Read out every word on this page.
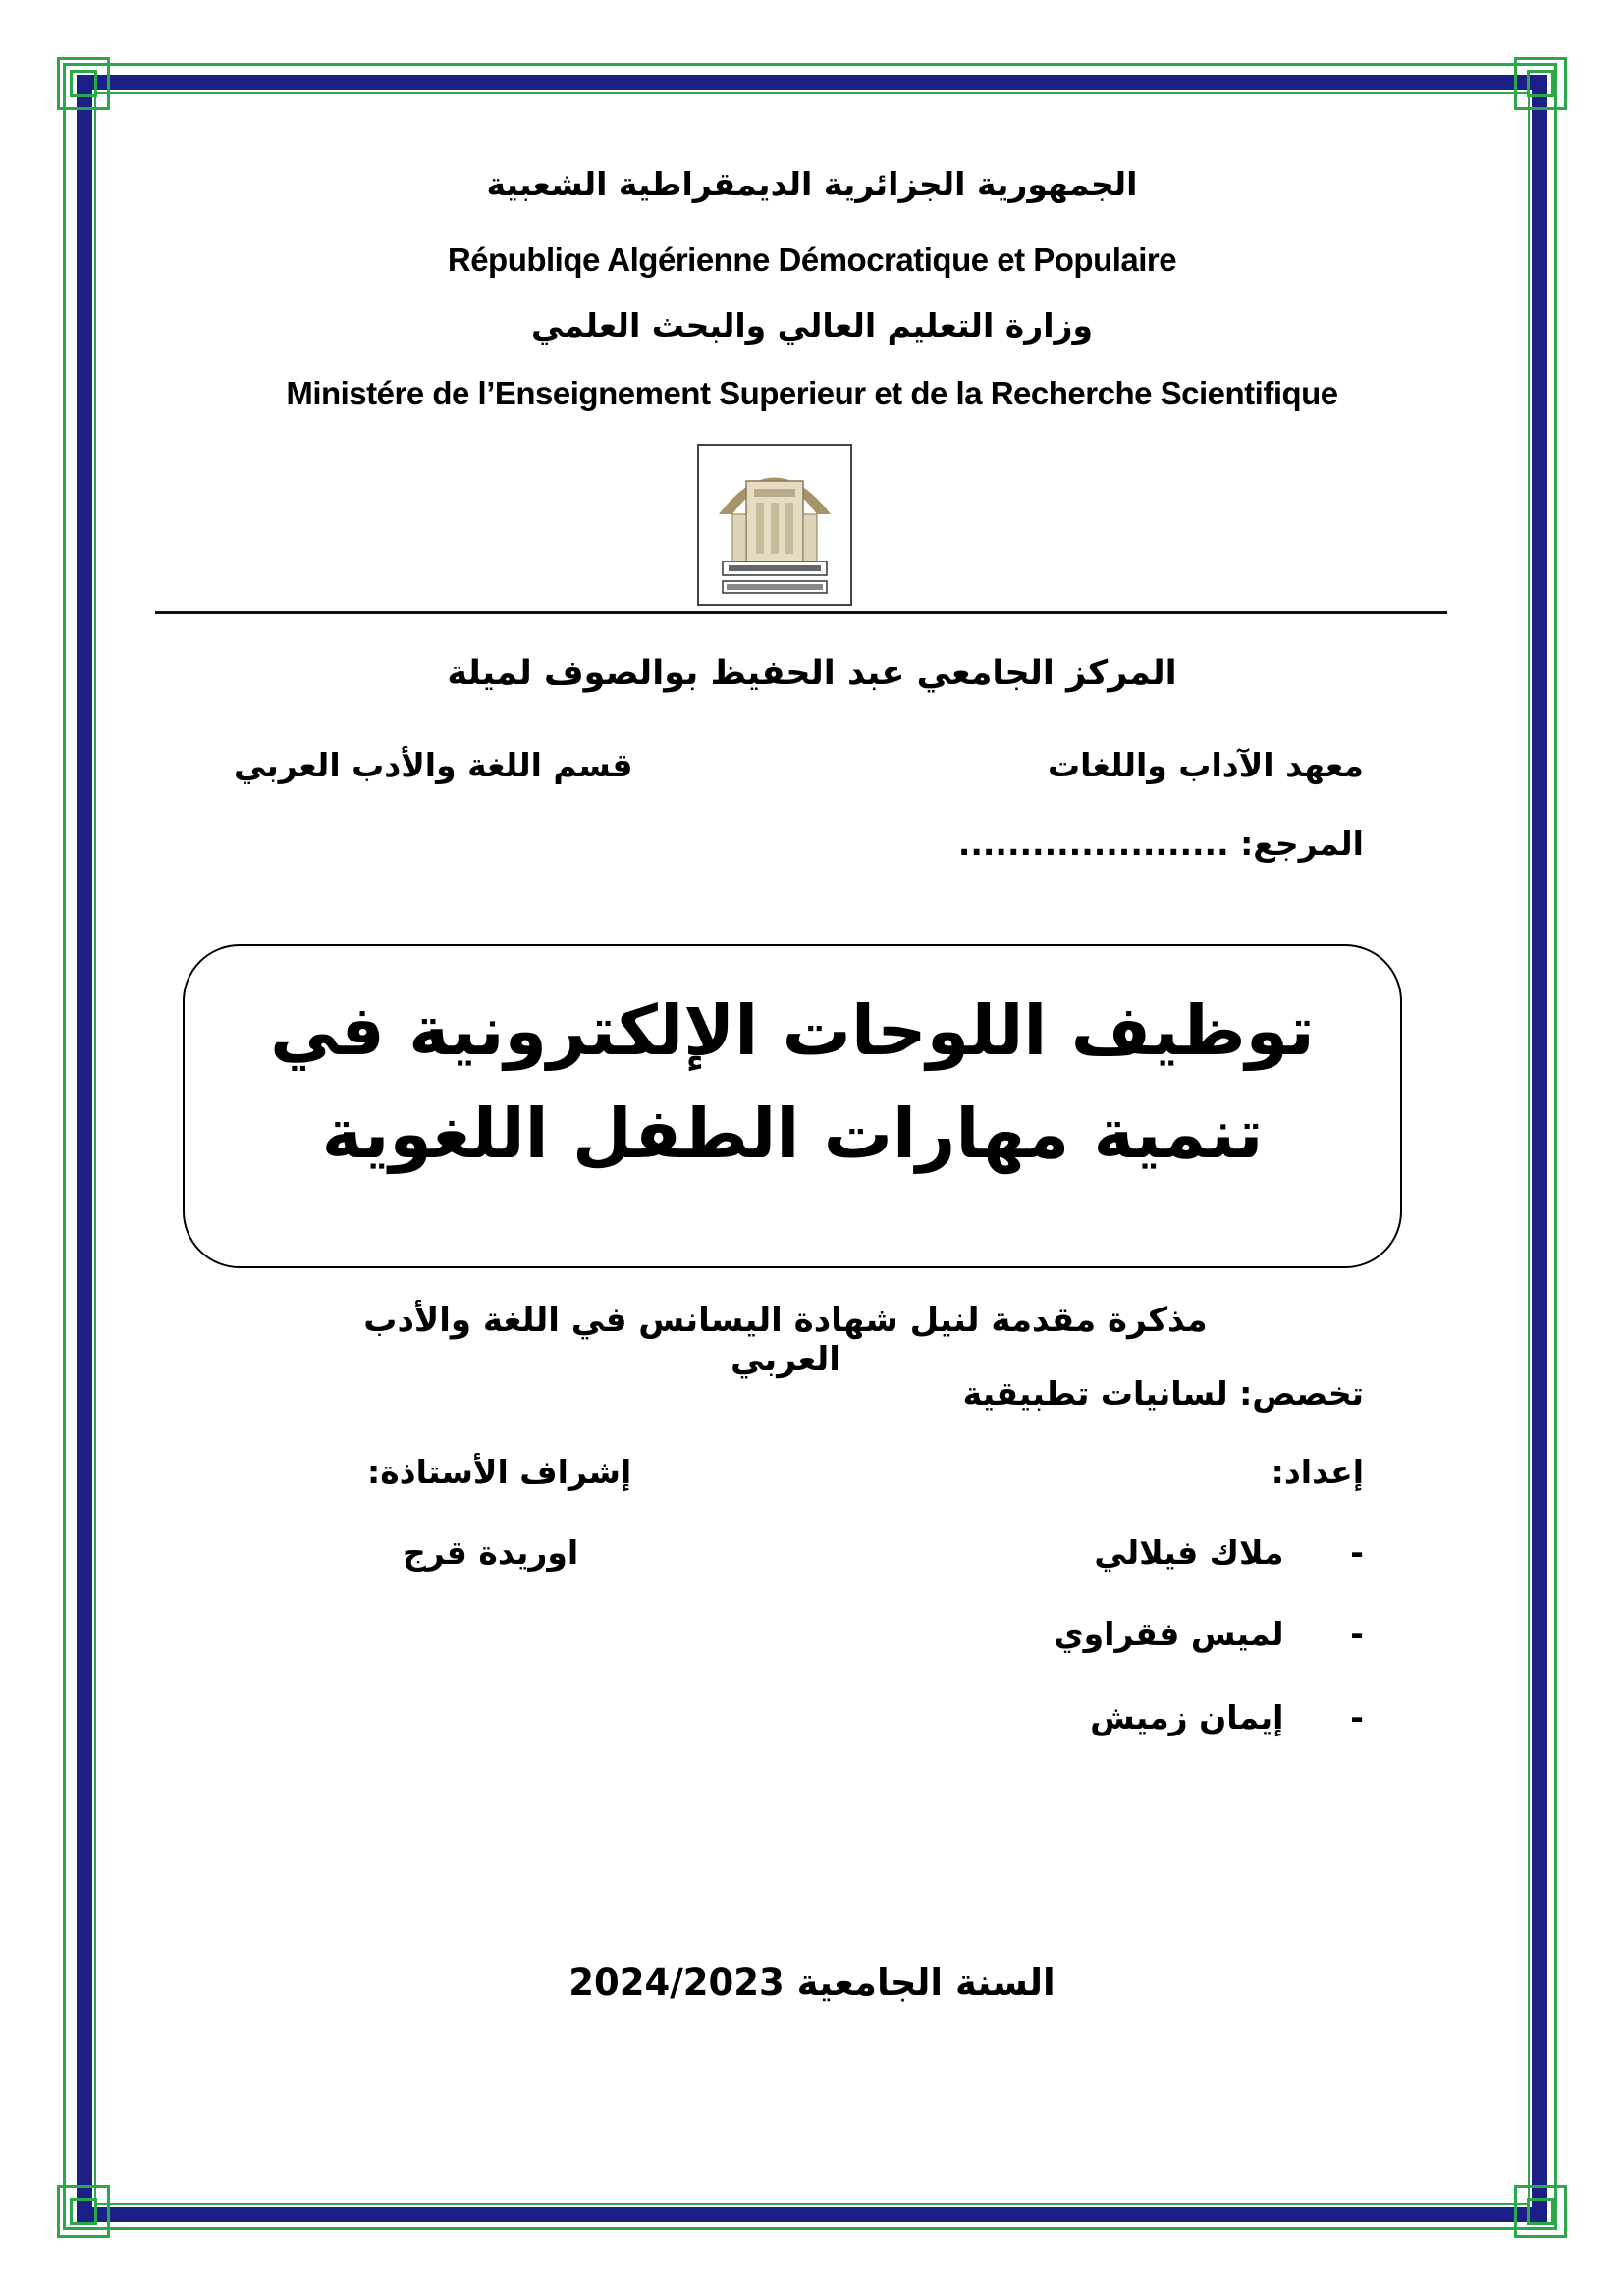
الجمهورية الجزائرية الديمقراطية الشعبية
Républiqe Algérienne Démocratique et Populaire
وزارة التعليم العالي والبحث العلمي
Ministére de l’Enseignement Superieur et de la Recherche Scientifique
المركز الجامعي عبد الحفيظ بوالصوف لميلة
معهد الآداب واللغات
قسم اللغة والأدب العربي
المرجع: ......................
توظيف اللوحات الإلكترونية في
تنمية مهارات الطفل اللغوية
مذكرة مقدمة لنيل شهادة اليسانس في اللغة والأدب العربي
تخصص: لسانيات تطبيقية
إعداد:
إشراف الأستاذة:
- ملاك فيلالي
- لميس فقراوي
- إيمان زميش
اوريدة قرج
السنة الجامعية 2024/2023
